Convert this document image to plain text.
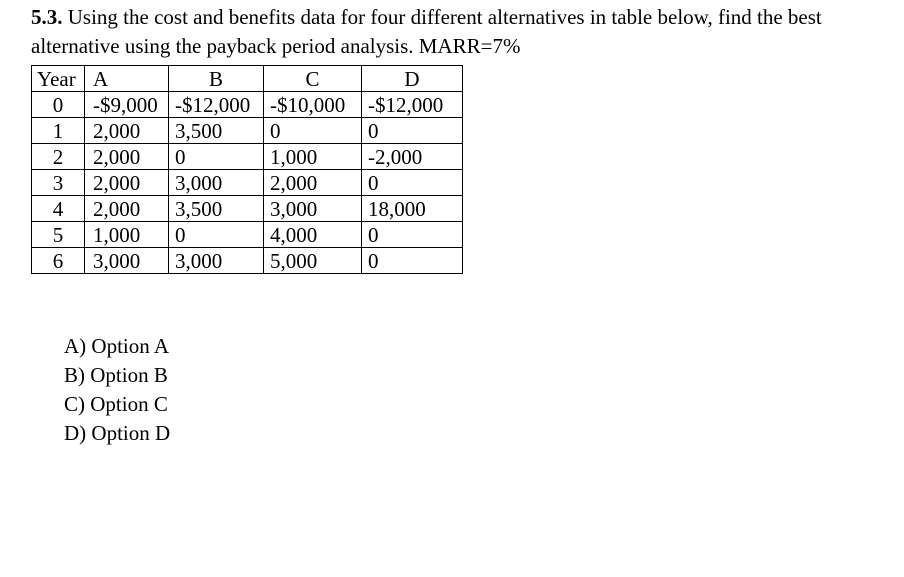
5.3. Using the cost and benefits data for four different alternatives in table below, find the best alternative using the payback period analysis. MARR=7%

Year	A	B	C	D
0	-$9,000	-$12,000	-$10,000	-$12,000
1	2,000	3,500	0	0
2	2,000	0	1,000	-2,000
3	2,000	3,000	2,000	0
4	2,000	3,500	3,000	18,000
5	1,000	0	4,000	0
6	3,000	3,000	5,000	0
A) Option A
B) Option B
C) Option C
D) Option D
